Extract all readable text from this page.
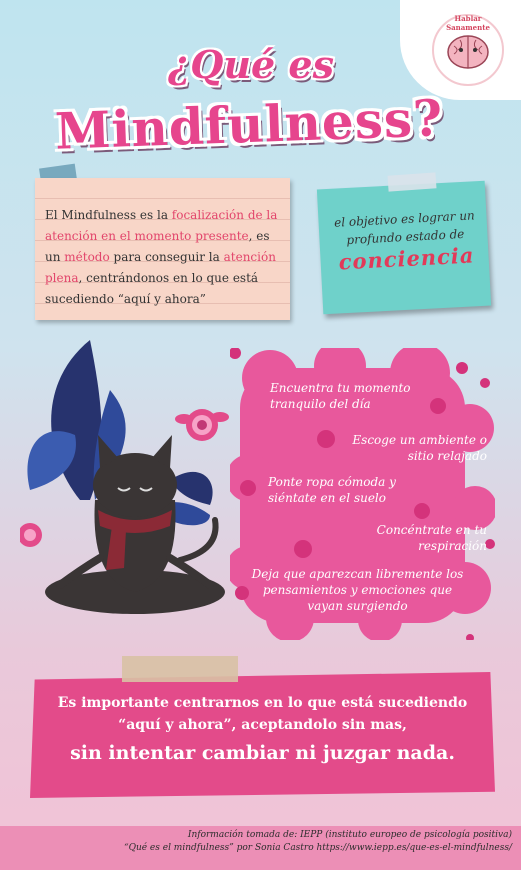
Hablar Sanamente
¿Qué es
Mindfulness?
El Mindfulness es la focalización de la atención en el momento presente, es un método para conseguir la atención plena, centrándonos en lo que está sucediendo “aquí y ahora”
el objetivo es lograr un profundo estado de
conciencia
Encuentra tu momento tranquilo del día
Escoge un ambiente o sitio relajado
Ponte ropa cómoda y siéntate en el suelo
Concéntrate en tu respiración
Deja que aparezcan libremente los pensamientos y emociones que vayan surgiendo
Es importante centrarnos en lo que está sucediendo “aquí y ahora”, aceptandolo sin mas,
sin intentar cambiar ni juzgar nada.
Información tomada de: IEPP (instituto europeo de psicología positiva)
“Qué es el mindfulness” por Sonia Castro https://www.iepp.es/que-es-el-mindfulness/
